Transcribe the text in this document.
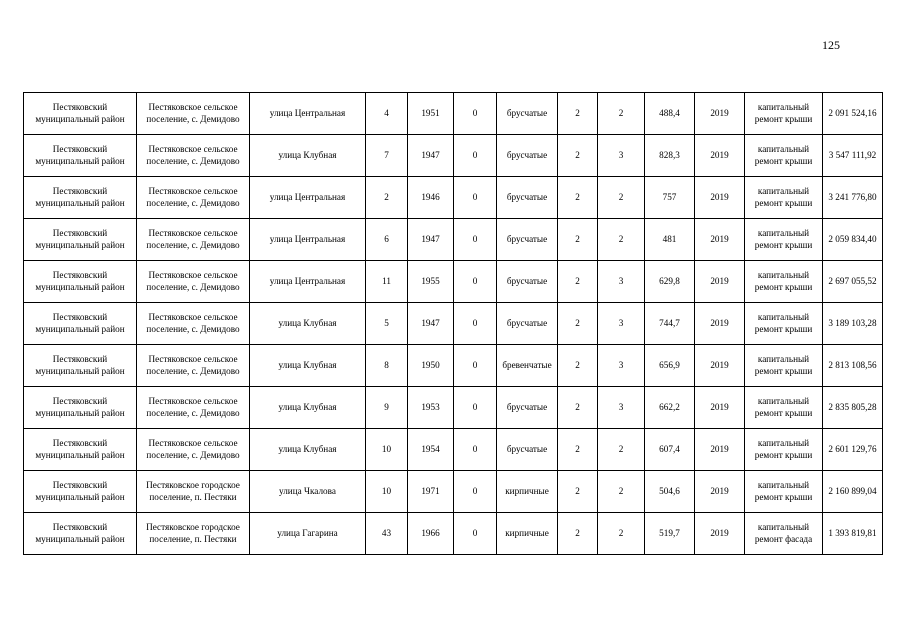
125
Пестяковский муниципальный район	Пестяковское сельское поселение, с. Демидово	улица Центральная	4	1951	0	брусчатые	2	2	488,4	2019	капитальный ремонт крыши	2 091 524,16
Пестяковский муниципальный район	Пестяковское сельское поселение, с. Демидово	улица Клубная	7	1947	0	брусчатые	2	3	828,3	2019	капитальный ремонт крыши	3 547 111,92
Пестяковский муниципальный район	Пестяковское сельское поселение, с. Демидово	улица Центральная	2	1946	0	брусчатые	2	2	757	2019	капитальный ремонт крыши	3 241 776,80
Пестяковский муниципальный район	Пестяковское сельское поселение, с. Демидово	улица Центральная	6	1947	0	брусчатые	2	2	481	2019	капитальный ремонт крыши	2 059 834,40
Пестяковский муниципальный район	Пестяковское сельское поселение, с. Демидово	улица Центральная	11	1955	0	брусчатые	2	3	629,8	2019	капитальный ремонт крыши	2 697 055,52
Пестяковский муниципальный район	Пестяковское сельское поселение, с. Демидово	улица Клубная	5	1947	0	брусчатые	2	3	744,7	2019	капитальный ремонт крыши	3 189 103,28
Пестяковский муниципальный район	Пестяковское сельское поселение, с. Демидово	улица Клубная	8	1950	0	бревенчатые	2	3	656,9	2019	капитальный ремонт крыши	2 813 108,56
Пестяковский муниципальный район	Пестяковское сельское поселение, с. Демидово	улица Клубная	9	1953	0	брусчатые	2	3	662,2	2019	капитальный ремонт крыши	2 835 805,28
Пестяковский муниципальный район	Пестяковское сельское поселение, с. Демидово	улица Клубная	10	1954	0	брусчатые	2	2	607,4	2019	капитальный ремонт крыши	2 601 129,76
Пестяковский муниципальный район	Пестяковское городское поселение, п. Пестяки	улица Чкалова	10	1971	0	кирпичные	2	2	504,6	2019	капитальный ремонт крыши	2 160 899,04
Пестяковский муниципальный район	Пестяковское городское поселение, п. Пестяки	улица Гагарина	43	1966	0	кирпичные	2	2	519,7	2019	капитальный ремонт фасада	1 393 819,81
